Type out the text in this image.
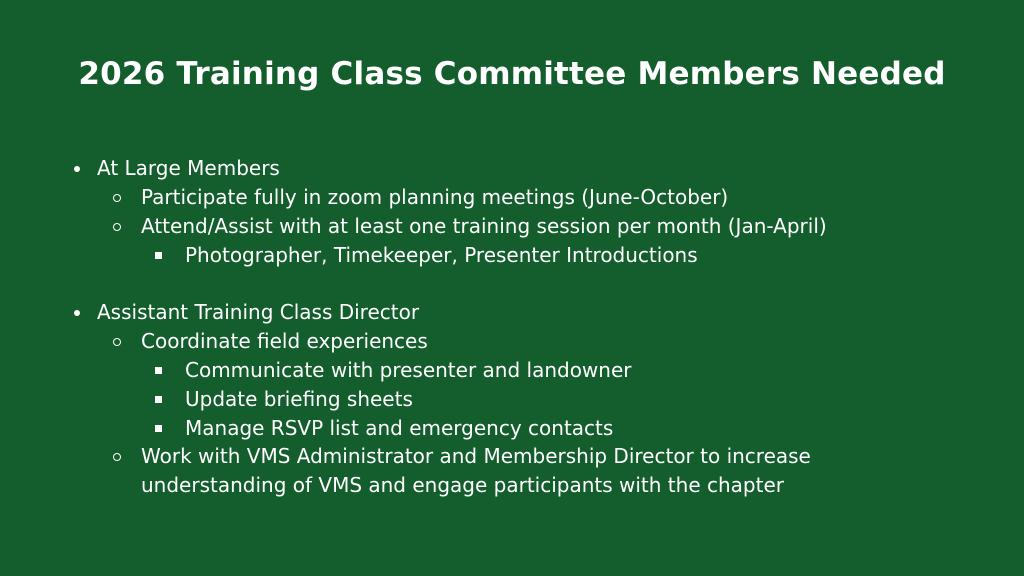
2026 Training Class Committee Members Needed
At Large Members
Participate fully in zoom planning meetings (June-October)
Attend/Assist with at least one training session per month (Jan-April)
Photographer, Timekeeper, Presenter Introductions
Assistant Training Class Director
Coordinate field experiences
Communicate with presenter and landowner
Update briefing sheets
Manage RSVP list and emergency contacts
Work with VMS Administrator and Membership Director to increase
understanding of VMS and engage participants with the chapter
